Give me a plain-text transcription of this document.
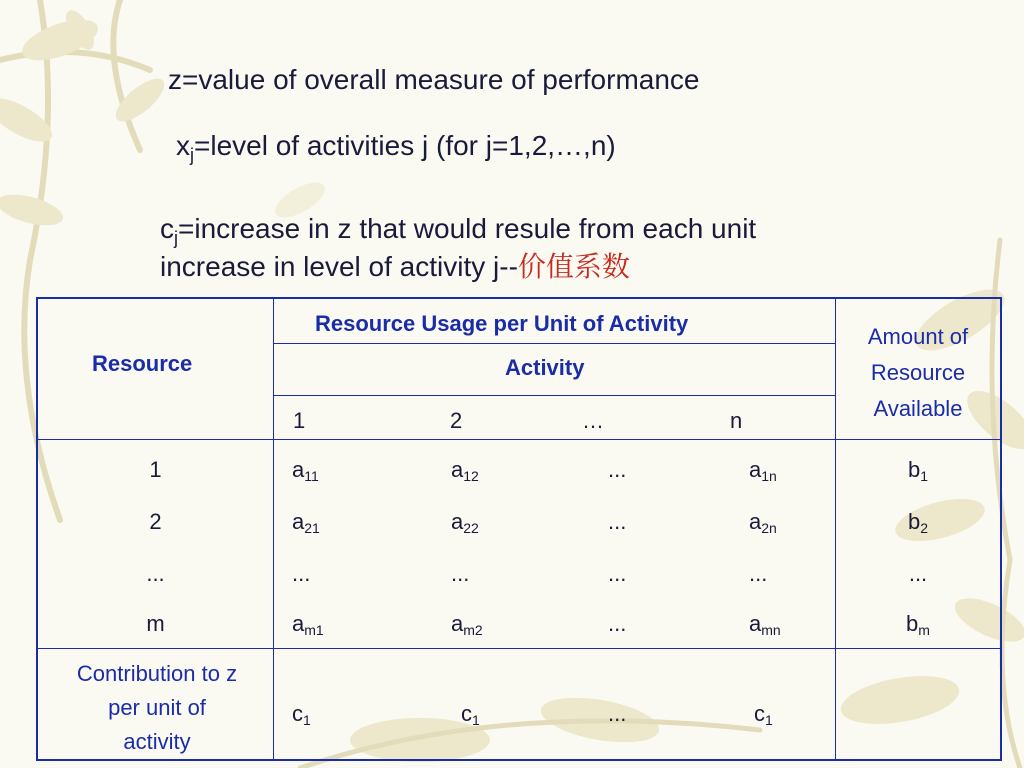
z=value of overall measure of performance
$x_j=level$ of activities j (for j=1,2,…,n)
$c_j=increase$ in z that would resule from each unit
increase in level of activity j--价值系数
Resource
Resource Usage per Unit of Activity
Activity
1	2	…	n
Amount of
Resource
Available
1	$a_{11}$	$a_{12}$	...	$a_{1n}$	$b_1$
2	$a_{21}$	$a_{22}$	...	$a_{2n}$	$b_2$
...	...	...	...	...	...
m	$a_{m1}$	$a_{m2}$	...	$a_{mn}$	$b_m$
Contribution to z
per unit of
activity
$c_1$	$c_1$	...	$c_1$
